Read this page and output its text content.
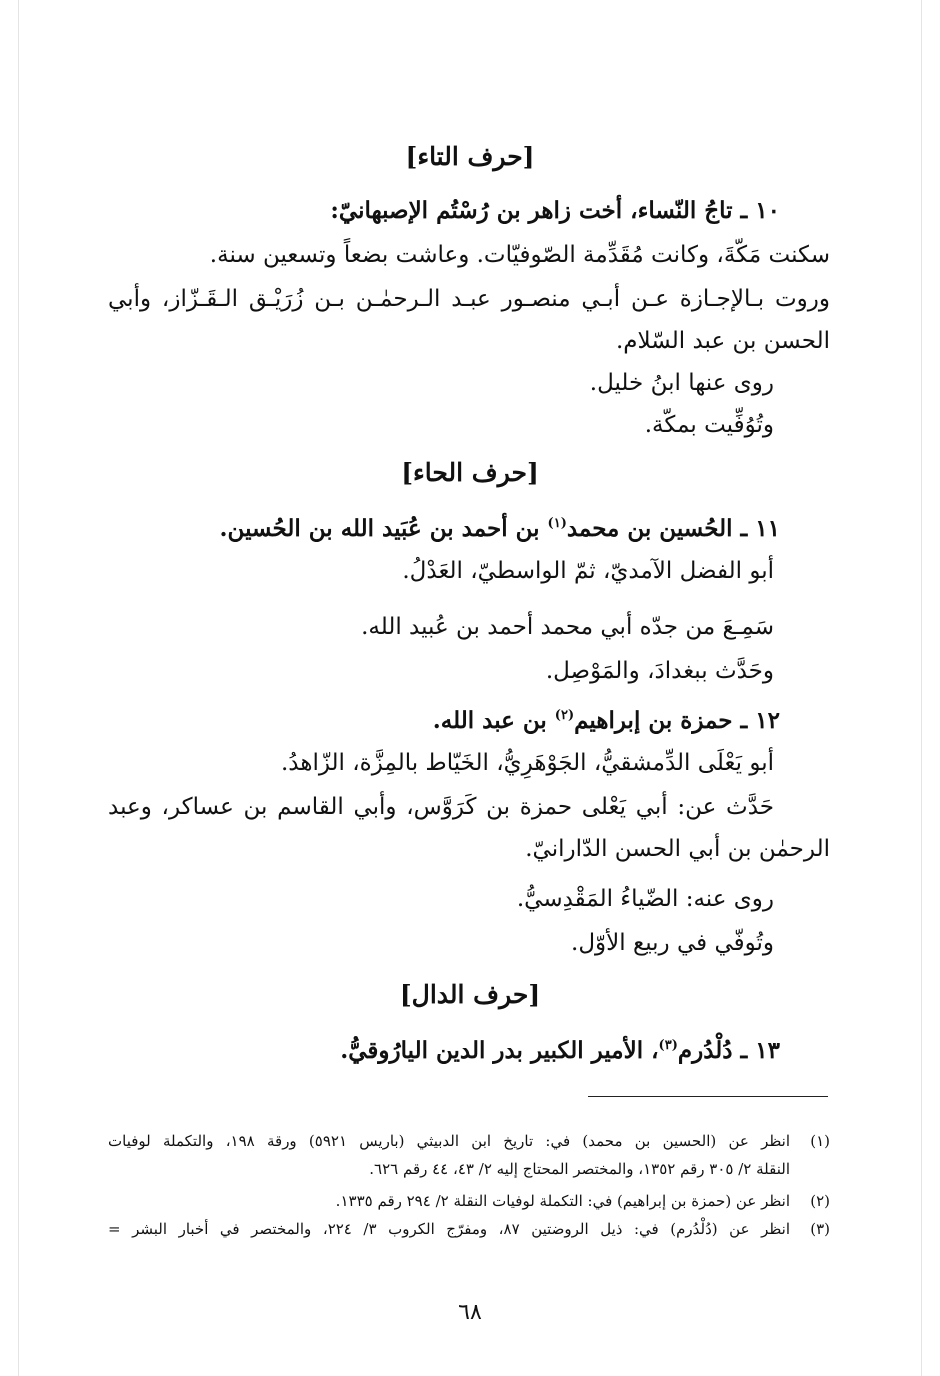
[حرف التاء]
١٠ ـ تاجُ النّساء، أخت زاهر بن رُسْتُم الإصبهانيّ:
سكنت مَكّةَ، وكانت مُقَدِّمة الصّوفيّات. وعاشت بضعاً وتسعين سنة.
وروت بـالإجـازة عـن أبـي منصـور عبـد الـرحمٰـن بـن زُرَيْـق الـقَـزّاز، وأبي
الحسن بن عبد السّلام.
روى عنها ابنُ خليل.
وتُوُفِّيت بمكّة.
[حرف الحاء]
١١ ـ الحُسين بن محمد$^{(١)}$ بن أحمد بن عُبَيد الله بن الحُسين.
أبو الفضل الآمديّ، ثمّ الواسطيّ، العَدْلُ.
سَمِـعَ من جدّه أبي محمد أحمد بن عُبيد الله.
وحَدَّث ببغدادَ، والمَوْصِل.
١٢ ـ حمزة بن إبراهيم$^{(٢)}$ بن عبد الله.
أبو يَعْلَى الدِّمشقيُّ، الجَوْهَرِيُّ، الخَيّاط بالمِزَّة، الزّاهدُ.
حَدَّث عن: أبي يَعْلى حمزة بن كَرَوَّس، وأبي القاسم بن عساكر، وعبد
الرحمٰن بن أبي الحسن الدّارانيّ.
روى عنه: الضّياءُ المَقْدِسيُّ.
وتُوفّي في ربيع الأوّل.
[حرف الدال]
١٣ ـ دُلْدُرم$^{(٣)}$، الأمير الكبير بدر الدين اليارُوقيُّ.
(١)
انظر عن (الحسين بن محمد) في: تاريخ ابن الدبيثي (باريس ٥٩٢١) ورقة ١٩٨، والتكملة لوفيات
النقلة ٢/ ٣٠٥ رقم ١٣٥٢، والمختصر المحتاج إليه ٢/ ٤٣، ٤٤ رقم ٦٢٦.
(٢)
انظر عن (حمزة بن إبراهيم) في: التكملة لوفيات النقلة ٢/ ٢٩٤ رقم ١٣٣٥.
(٣)
انظر عن (دُلْدُرم) في: ذيل الروضتين ٨٧، ومفرّج الكروب ٣/ ٢٢٤، والمختصر في أخبار البشر =
٦٨
